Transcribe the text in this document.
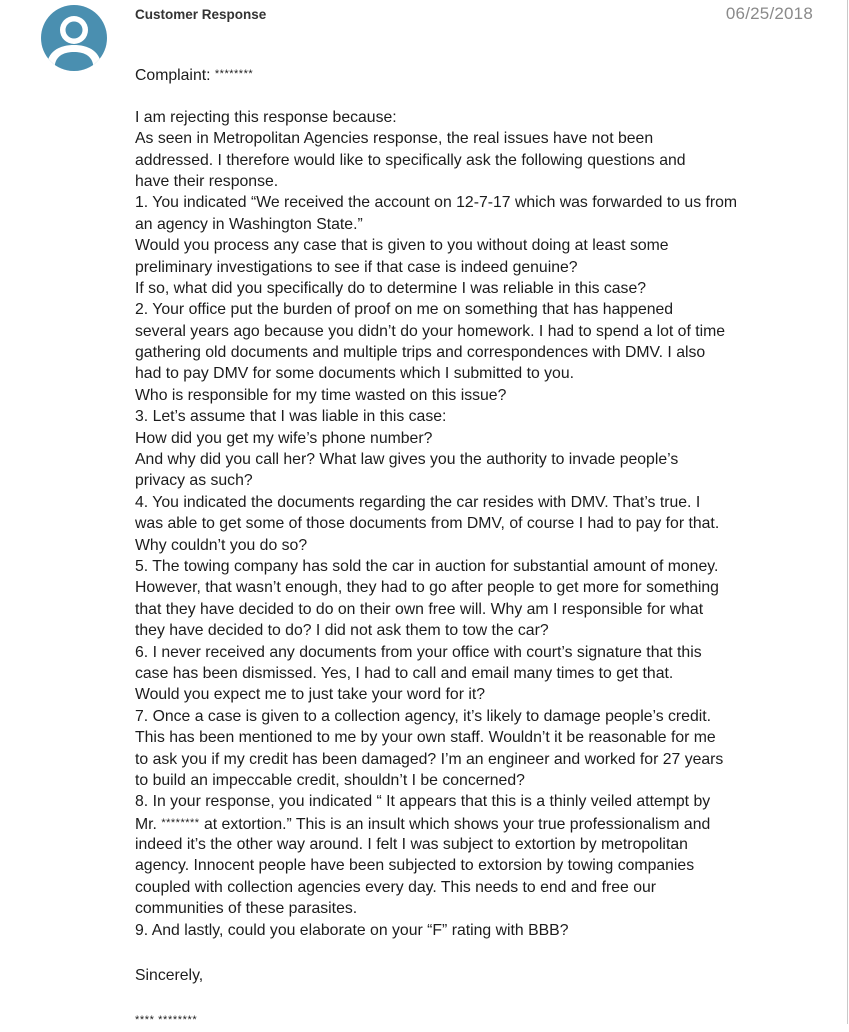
Customer Response	06/25/2018
Complaint: ********
I am rejecting this response because:
As seen in Metropolitan Agencies response, the real issues have not been
addressed. I therefore would like to specifically ask the following questions and
have their response.
1. You indicated “We received the account on 12-7-17 which was forwarded to us from
an agency in Washington State.”
Would you process any case that is given to you without doing at least some
preliminary investigations to see if that case is indeed genuine?
If so, what did you specifically do to determine I was reliable in this case?
2. Your office put the burden of proof on me on something that has happened
several years ago because you didn’t do your homework. I had to spend a lot of time
gathering old documents and multiple trips and correspondences with DMV. I also
had to pay DMV for some documents which I submitted to you.
Who is responsible for my time wasted on this issue?
3. Let’s assume that I was liable in this case:
How did you get my wife’s phone number?
And why did you call her? What law gives you the authority to invade people’s
privacy as such?
4. You indicated the documents regarding the car resides with DMV. That’s true. I
was able to get some of those documents from DMV, of course I had to pay for that.
Why couldn’t you do so?
5. The towing company has sold the car in auction for substantial amount of money.
However, that wasn’t enough, they had to go after people to get more for something
that they have decided to do on their own free will. Why am I responsible for what
they have decided to do? I did not ask them to tow the car?
6. I never received any documents from your office with court’s signature that this
case has been dismissed. Yes, I had to call and email many times to get that.
Would you expect me to just take your word for it?
7. Once a case is given to a collection agency, it’s likely to damage people’s credit.
This has been mentioned to me by your own staff. Wouldn’t it be reasonable for me
to ask you if my credit has been damaged? I’m an engineer and worked for 27 years
to build an impeccable credit, shouldn’t I be concerned?
8. In your response, you indicated “ It appears that this is a thinly veiled attempt by
Mr. ******** at extortion.” This is an insult which shows your true professionalism and
indeed it’s the other way around. I felt I was subject to extortion by metropolitan
agency. Innocent people have been subjected to extorsion by towing companies
coupled with collection agencies every day. This needs to end and free our
communities of these parasites.
9. And lastly, could you elaborate on your “F” rating with BBB?
Sincerely,
**** ********
